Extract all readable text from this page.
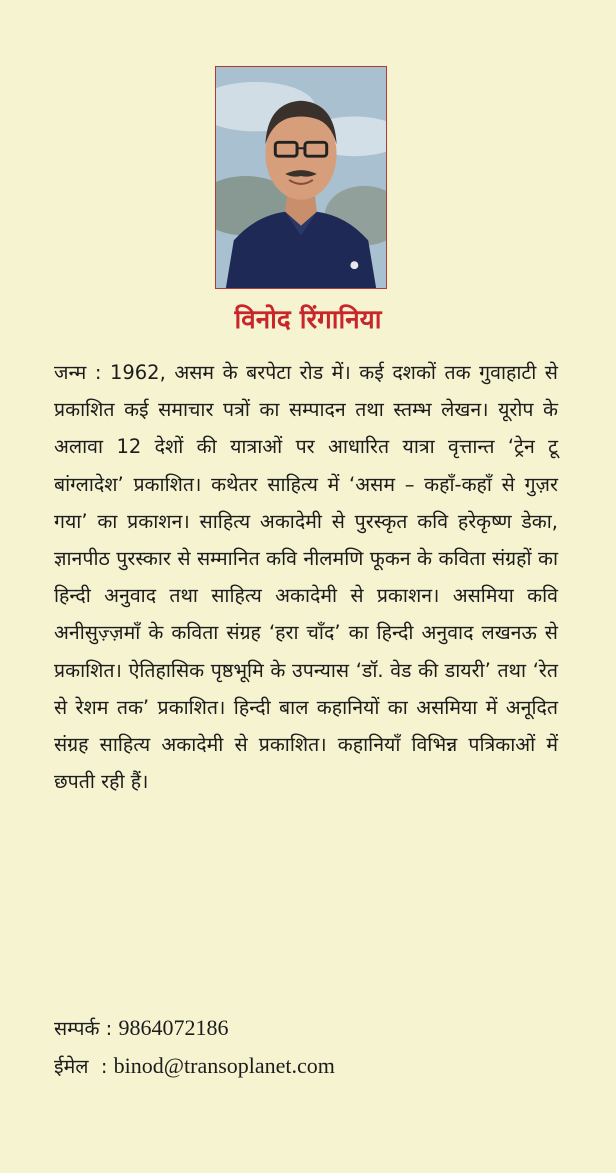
विनोद रिंगानिया

जन्म : 1962, असम के बरपेटा रोड में। कई दशकों तक गुवाहाटी से प्रकाशित कई समाचार पत्रों का सम्पादन तथा स्तम्भ लेखन। यूरोप के अलावा 12 देशों की यात्राओं पर आधारित यात्रा वृत्तान्त ‘ट्रेन टू बांग्लादेश’ प्रकाशित। कथेतर साहित्य में ‘असम – कहाँ-कहाँ से गुज़र गया’ का प्रकाशन। साहित्य अकादेमी से पुरस्कृत कवि हरेकृष्ण डेका, ज्ञानपीठ पुरस्कार से सम्मानित कवि नीलमणि फूकन के कविता संग्रहों का हिन्दी अनुवाद तथा साहित्य अकादेमी से प्रकाशन। असमिया कवि अनीसुज़्ज़माँ के कविता संग्रह ‘हरा चाँद’ का हिन्दी अनुवाद लखनऊ से प्रकाशित। ऐतिहासिक पृष्ठभूमि के उपन्यास ‘डॉ. वेड की डायरी’ तथा ‘रेत से रेशम तक’ प्रकाशित। हिन्दी बाल कहानियों का असमिया में अनूदित संग्रह साहित्य अकादेमी से प्रकाशित। कहानियाँ विभिन्न पत्रिकाओं में छपती रही हैं।

सम्पर्क : 9864072186

ईमेल  : binod@transoplanet.com
